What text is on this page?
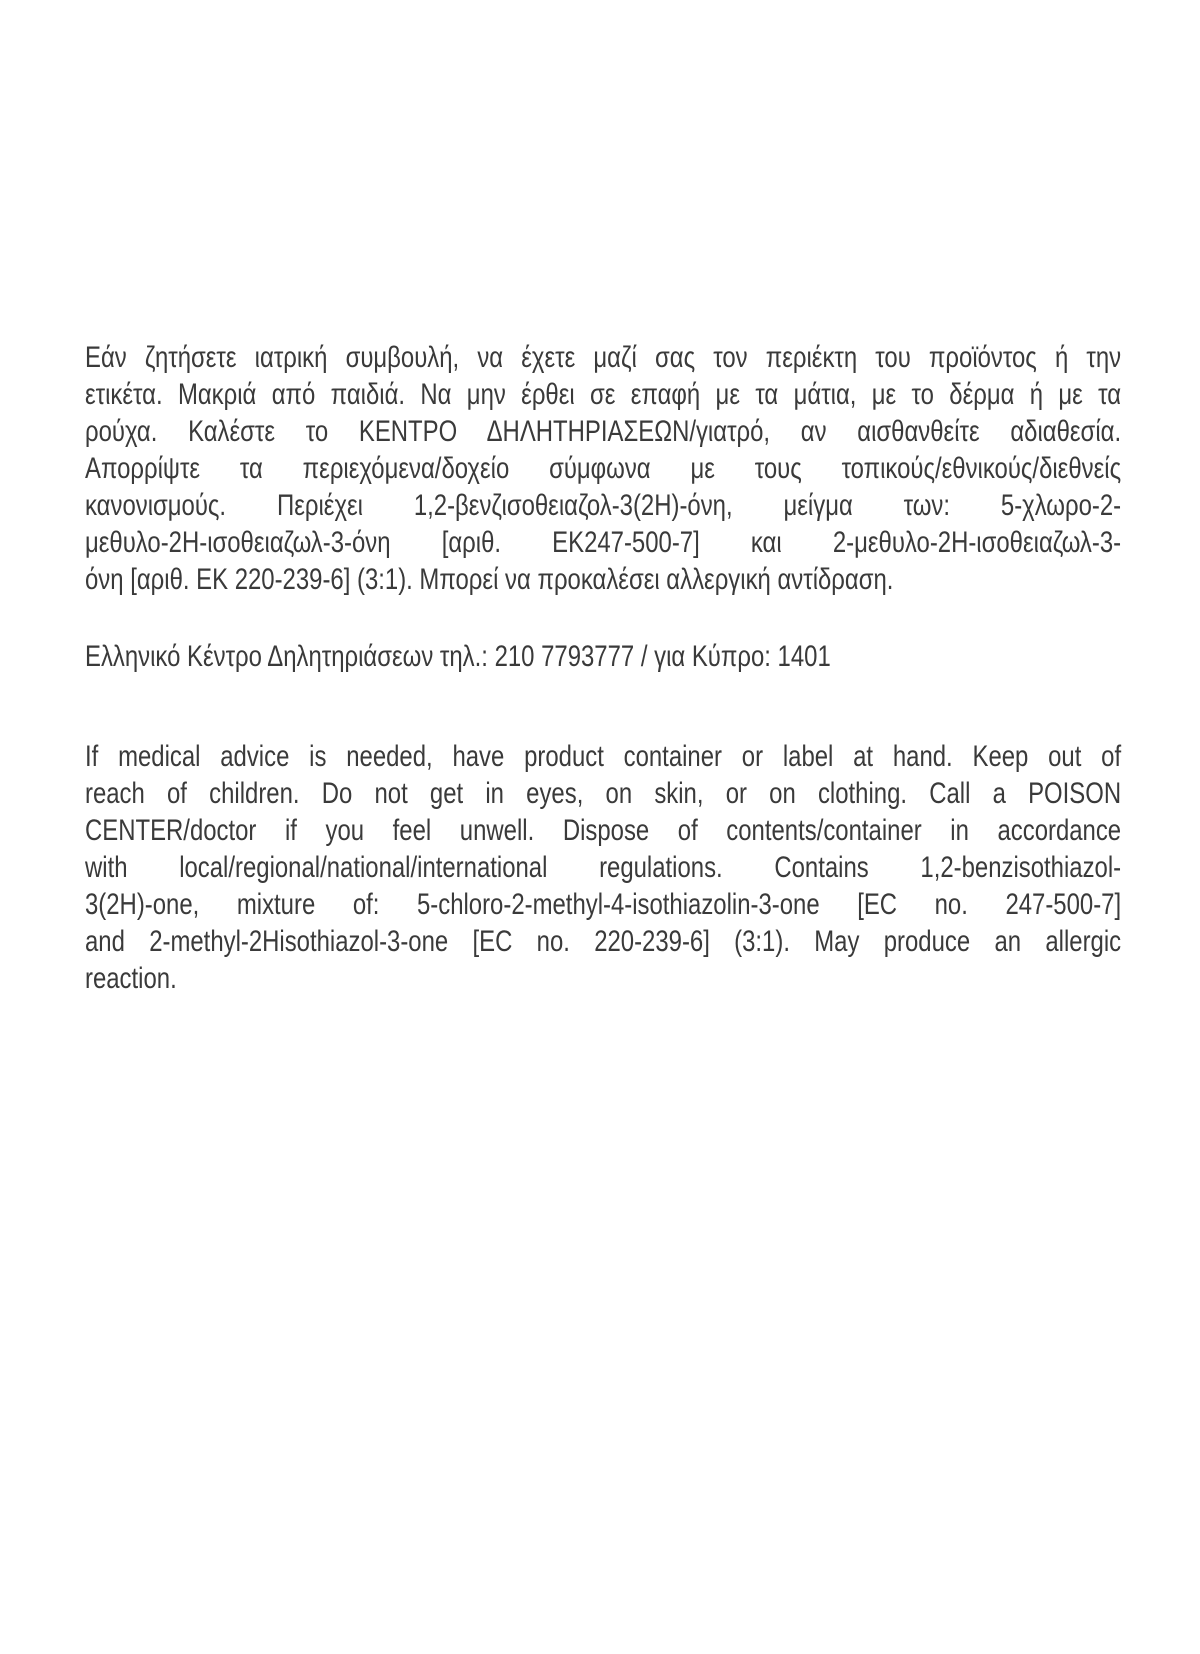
Εάν ζητήσετε ιατρική συμβουλή, να έχετε μαζί σας τον περιέκτη του προϊόντος ή την
ετικέτα. Μακριά από παιδιά. Να μην έρθει σε επαφή με τα μάτια, με το δέρμα ή με τα
ρούχα. Καλέστε το ΚΕΝΤΡΟ ΔΗΛΗΤΗΡΙΑΣΕΩΝ/γιατρό, αν αισθανθείτε αδιαθεσία.
Απορρίψτε τα περιεχόμενα/δοχείο σύμφωνα με τους τοπικούς/εθνικούς/διεθνείς
κανονισμούς. Περιέχει 1,2-βενζισοθειαζολ-3(2H)-όνη, μείγμα των: 5-χλωρο-2-
μεθυλο-2H-ισοθειαζωλ-3-όνη [αριθ. ΕΚ247-500-7] και 2-μεθυλο-2H-ισοθειαζωλ-3-
όνη [αριθ. ΕΚ 220-239-6] (3:1). Μπορεί να προκαλέσει αλλεργική αντίδραση.
Ελληνικό Κέντρο Δηλητηριάσεων τηλ.: 210 7793777 / για Κύπρο: 1401
If medical advice is needed, have product container or label at hand. Keep out of
reach of children. Do not get in eyes, on skin, or on clothing. Call a POISON
CENTER/doctor if you feel unwell. Dispose of contents/container in accordance
with local/regional/national/international regulations. Contains 1,2-benzisothiazol-
3(2H)-one, mixture of: 5-chloro-2-methyl-4-isothiazolin-3-one [EC no. 247-500-7]
and 2-methyl-2Hisothiazol-3-one [EC no. 220-239-6] (3:1). May produce an allergic
reaction.
